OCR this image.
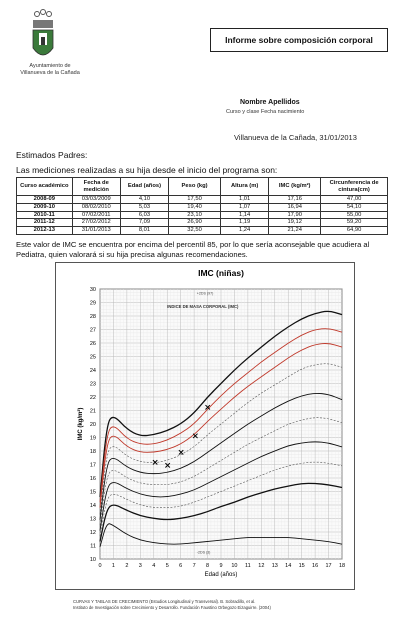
Ayuntamiento de
Villanueva de la Cañada
Informe sobre composición corporal
Nombre Apellidos
Curso y clase Fecha nacimiento
Villanueva de la Cañada, 31/01/2013
Estimados Padres:
Las mediciones realizadas a su hija desde el inicio del programa son:
Curso académico	Fecha de medición	Edad (años)	Peso (kg)	Altura (m)	IMC (kg/m²)	Circunferencia de cintura(cm)
2008-09	03/03/2009	4,10	17,50	1,01	17,16	47,00
2009-10	08/02/2010	5,03	19,40	1,07	16,94	54,10
2010-11	07/02/2011	6,03	23,10	1,14	17,90	55,00
2011-12	27/02/2012	7,09	26,90	1,19	19,12	59,20
2012-13	31/01/2013	8,01	32,50	1,24	21,24	64,90
Este valor de IMC se encuentra por encima del percentil 85, por lo que sería aconsejable que acudiera al Pediatra, quien valorará si su hija precisa algunas recomendaciones.
IMC (niñas)
10
11
12
13
14
15
16
17
18
19
20
21
22
23
24
25
26
27
28
29
30
0 1 2 3 4 5 6 7 8 9 10 11 12 13 14 15 16 17 18
Edad (años)
IMC (kg/m²)
INDICE DE MASA CORPORAL (IMC)
+2DS (97)
-2DS (3)
CURVAS Y TABLAS DE CRECIMIENTO (Estudios Longitudinal y Transversal). B. Sobradillo, et al.
Instituto de Investigación sobre Crecimiento y Desarrollo. Fundación Faustino Orbegozo Eizaguirre. (2004)
